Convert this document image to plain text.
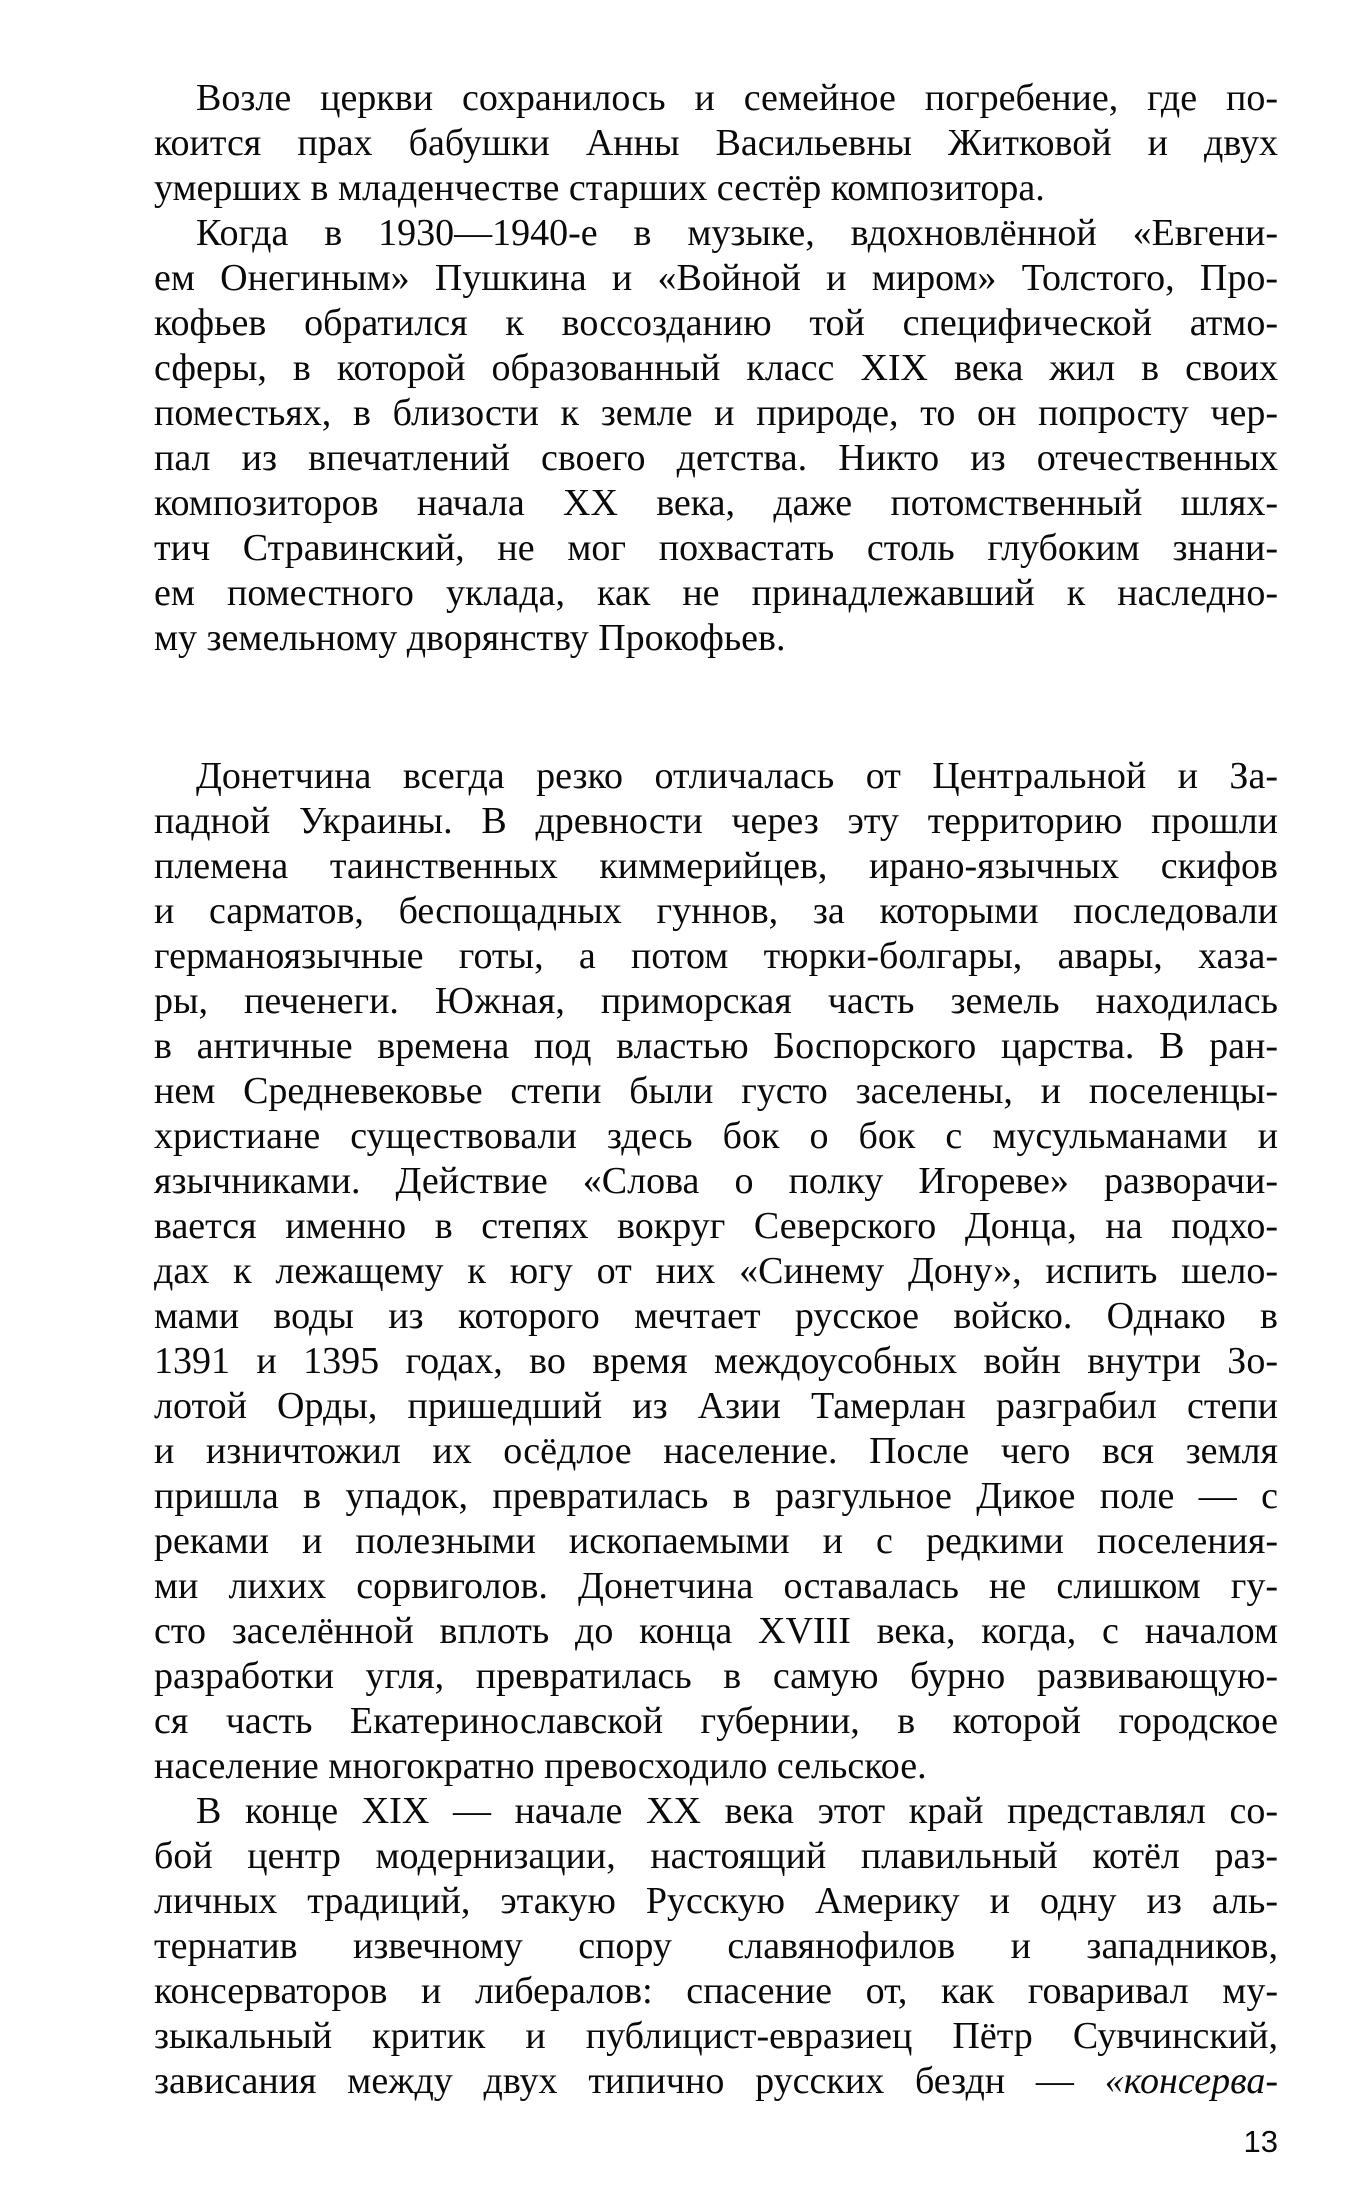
Возле церкви сохранилось и семейное погребение, где по-
коится прах бабушки Анны Васильевны Житковой и двух
умерших в младенчестве старших сестёр композитора.
Когда в 1930—1940-е в музыке, вдохновлённой «Евгени-
ем Онегиным» Пушкина и «Войной и миром» Толстого, Про-
кофьев обратился к воссозданию той специфической атмо-
сферы, в которой образованный класс XIX века жил в своих
поместьях, в близости к земле и природе, то он попросту чер-
пал из впечатлений своего детства. Никто из отечественных
композиторов начала XX века, даже потомственный шлях-
тич Стравинский, не мог похвастать столь глубоким знани-
ем поместного уклада, как не принадлежавший к наследно-
му земельному дворянству Прокофьев.
Донетчина всегда резко отличалась от Центральной и За-
падной Украины. В древности через эту территорию прошли
племена таинственных киммерийцев, ирано-язычных скифов
и сарматов, беспощадных гуннов, за которыми последовали
германоязычные готы, а потом тюрки-болгары, авары, хаза-
ры, печенеги. Южная, приморская часть земель находилась
в античные времена под властью Боспорского царства. В ран-
нем Средневековье степи были густо заселены, и поселенцы-
христиане существовали здесь бок о бок с мусульманами и
язычниками. Действие «Слова о полку Игореве» разворачи-
вается именно в степях вокруг Северского Донца, на подхо-
дах к лежащему к югу от них «Синему Дону», испить шело-
мами воды из которого мечтает русское войско. Однако в
1391 и 1395 годах, во время междоусобных войн внутри Зо-
лотой Орды, пришедший из Азии Тамерлан разграбил степи
и изничтожил их осёдлое население. После чего вся земля
пришла в упадок, превратилась в разгульное Дикое поле — с
реками и полезными ископаемыми и с редкими поселения-
ми лихих сорвиголов. Донетчина оставалась не слишком гу-
сто заселённой вплоть до конца XVIII века, когда, с началом
разработки угля, превратилась в самую бурно развивающую-
ся часть Екатеринославской губернии, в которой городское
население многократно превосходило сельское.
В конце XIX — начале XX века этот край представлял со-
бой центр модернизации, настоящий плавильный котёл раз-
личных традиций, этакую Русскую Америку и одну из аль-
тернатив извечному спору славянофилов и западников,
консерваторов и либералов: спасение от, как говаривал му-
зыкальный критик и публицист-евразиец Пётр Сувчинский,
зависания между двух типично русских бездн — «консерва-
13
